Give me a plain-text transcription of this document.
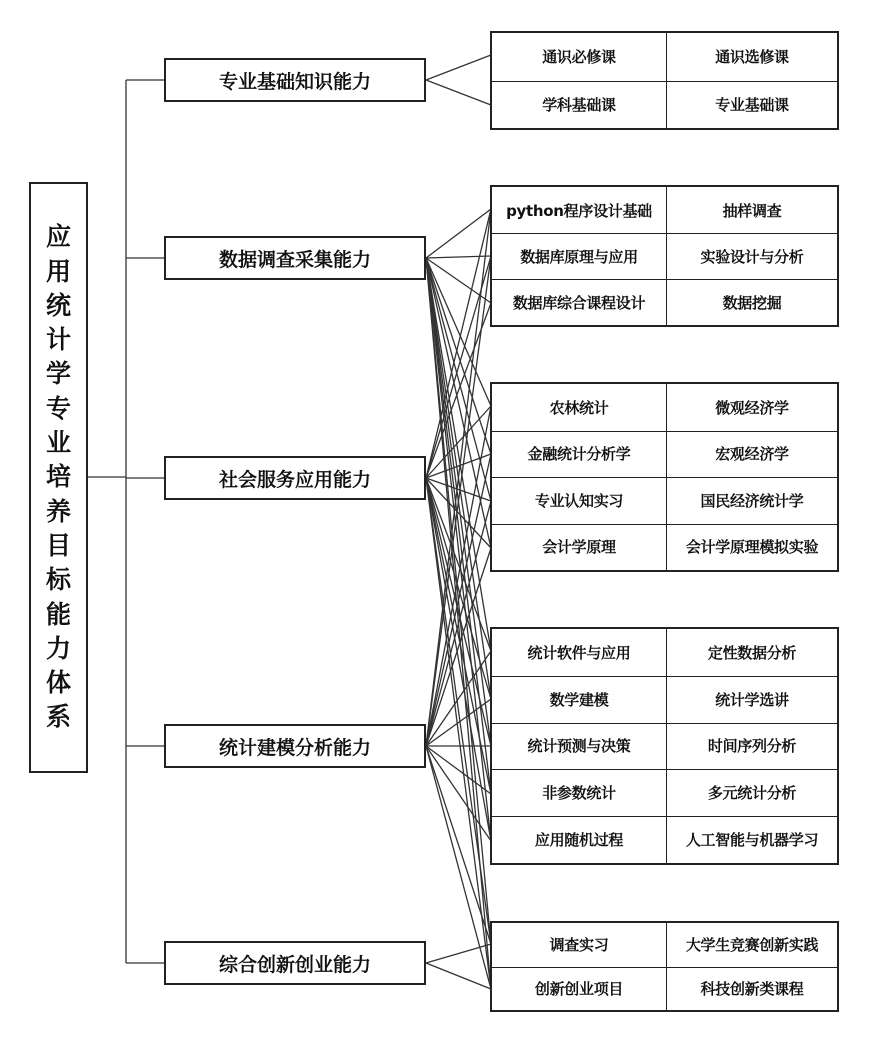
应
用
统
计
学
专
业
培
养
目
标
能
力
体
系
专业基础知识能力
数据调查采集能力
社会服务应用能力
统计建模分析能力
综合创新创业能力
通识必修课	通识选修课
学科基础课	专业基础课
python程序设计基础	抽样调查
数据库原理与应用	实验设计与分析
数据库综合课程设计	数据挖掘
农林统计	微观经济学
金融统计分析学	宏观经济学
专业认知实习	国民经济统计学
会计学原理	会计学原理模拟实验
统计软件与应用	定性数据分析
数学建模	统计学选讲
统计预测与决策	时间序列分析
非参数统计	多元统计分析
应用随机过程	人工智能与机器学习
调查实习	大学生竞赛创新实践
创新创业项目	科技创新类课程
